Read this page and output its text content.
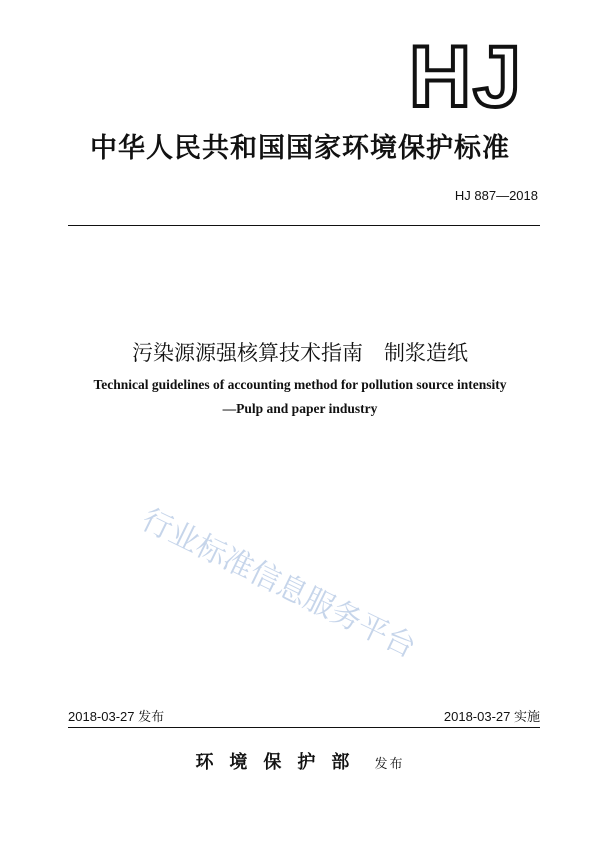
HJ
中华人民共和国国家环境保护标准
HJ 887—2018
污染源源强核算技术指南　制浆造纸
Technical guidelines of accounting method for pollution source intensity
—Pulp and paper industry
行业标准信息服务平台
2018-03-27 发布	2018-03-27 实施
环境保护部 发布
